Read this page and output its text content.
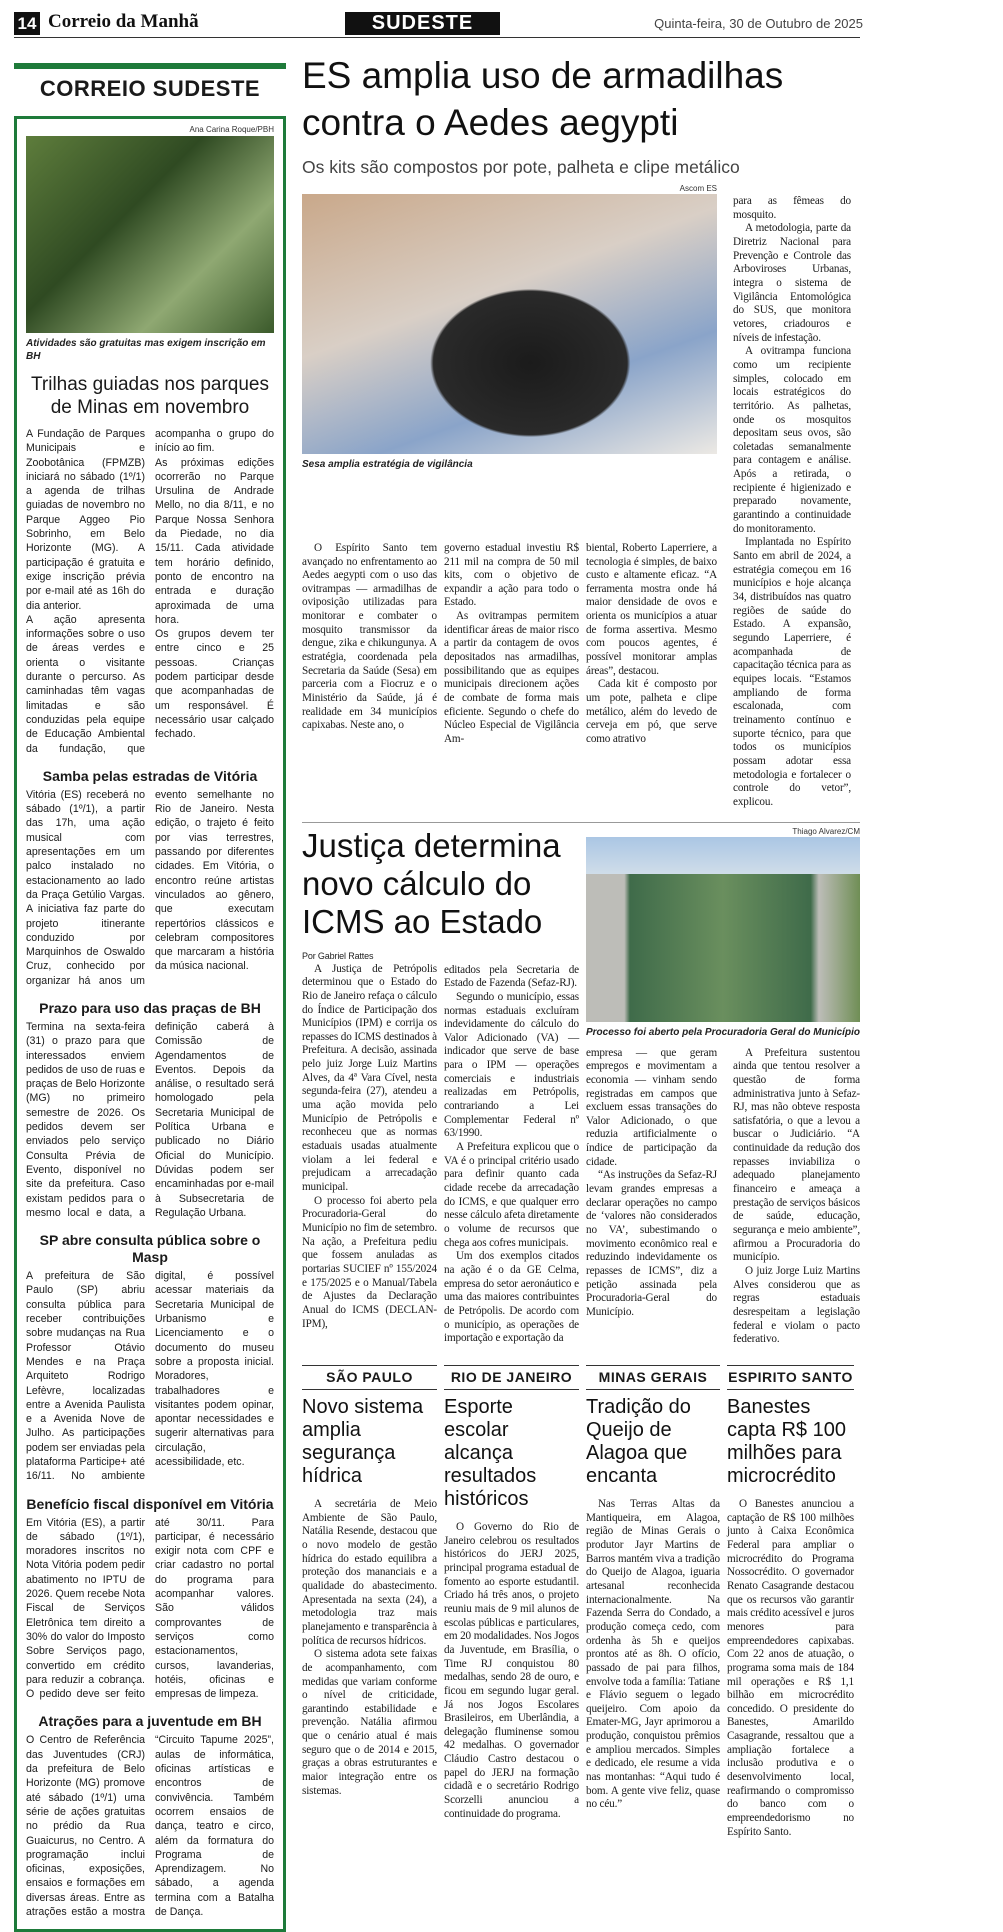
14 Correio da Manhã	SUDESTE	Quinta-feira, 30 de Outubro de 2025
CORREIO SUDESTE
Ana Carina Roque/PBH
Atividades são gratuitas mas exigem inscrição em BH
Trilhas guiadas nos parques de Minas em novembro

A Fundação de Parques Municipais e Zoobotânica (FPMZB) iniciará no sábado (1º/1) a agenda de trilhas guiadas de novembro no Parque Aggeo Pio Sobrinho, em Belo Horizonte (MG). A participação é gratuita e exige inscrição prévia por e-mail até as 16h do dia anterior.

A ação apresenta informações sobre o uso de áreas verdes e orienta o visitante durante o percurso. As caminhadas têm vagas limitadas e são conduzidas pela equipe de Educação Ambiental da fundação, que acompanha o grupo do início ao fim.

As próximas edições ocorrerão no Parque Ursulina de Andrade Mello, no dia 8/11, e no Parque Nossa Senhora da Piedade, no dia 15/11. Cada atividade tem horário definido, ponto de encontro na entrada e duração aproximada de uma hora.

Os grupos devem ter entre cinco e 25 pessoas. Crianças podem participar desde que acompanhadas de um responsável. É necessário usar calçado fechado.

Samba pelas estradas de Vitória

Vitória (ES) receberá no sábado (1º/1), a partir das 17h, uma ação musical com apresentações em um palco instalado no estacionamento ao lado da Praça Getúlio Vargas. A iniciativa faz parte do projeto itinerante conduzido por Marquinhos de Oswaldo Cruz, conhecido por organizar há anos um evento semelhante no Rio de Janeiro. Nesta edição, o trajeto é feito por vias terrestres, passando por diferentes cidades. Em Vitória, o encontro reúne artistas vinculados ao gênero, que executam repertórios clássicos e celebram compositores que marcaram a história da música nacional.

Prazo para uso das praças de BH

Termina na sexta-feira (31) o prazo para que interessados enviem pedidos de uso de ruas e praças de Belo Horizonte (MG) no primeiro semestre de 2026. Os pedidos devem ser enviados pelo serviço Consulta Prévia de Evento, disponível no site da prefeitura. Caso existam pedidos para o mesmo local e data, a definição caberá à Comissão de Agendamentos de Eventos. Depois da análise, o resultado será homologado pela Secretaria Municipal de Política Urbana e publicado no Diário Oficial do Município. Dúvidas podem ser encaminhadas por e-mail à Subsecretaria de Regulação Urbana.

SP abre consulta pública sobre o Masp

A prefeitura de São Paulo (SP) abriu consulta pública para receber contribuições sobre mudanças na Rua Professor Otávio Mendes e na Praça Arquiteto Rodrigo Lefèvre, localizadas entre a Avenida Paulista e a Avenida Nove de Julho. As participações podem ser enviadas pela plataforma Participe+ até 16/11. No ambiente digital, é possível acessar materiais da Secretaria Municipal de Urbanismo e Licenciamento e o documento do museu sobre a proposta inicial. Moradores, trabalhadores e visitantes podem opinar, apontar necessidades e sugerir alternativas para circulação, acessibilidade, etc.

Benefício fiscal disponível em Vitória

Em Vitória (ES), a partir de sábado (1º/1), moradores inscritos no Nota Vitória podem pedir abatimento no IPTU de 2026. Quem recebe Nota Fiscal de Serviços Eletrônica tem direito a 30% do valor do Imposto Sobre Serviços pago, convertido em crédito para reduzir a cobrança. O pedido deve ser feito até 30/11. Para participar, é necessário exigir nota com CPF e criar cadastro no portal do programa para acompanhar valores. São válidos comprovantes de serviços como estacionamentos, cursos, lavanderias, hotéis, oficinas e empresas de limpeza.

Atrações para a juventude em BH

O Centro de Referência das Juventudes (CRJ) da prefeitura de Belo Horizonte (MG) promove até sábado (1º/1) uma série de ações gratuitas no prédio da Rua Guaicurus, no Centro. A programação inclui oficinas, exposições, ensaios e formações em diversas áreas. Entre as atrações estão a mostra “Circuito Tapume 2025”, aulas de informática, oficinas artísticas e encontros de convivência. Também ocorrem ensaios de dança, teatro e circo, além da formatura do Programa de Aprendizagem. No sábado, a agenda termina com a Batalha de Dança.

ES amplia uso de armadilhas contra o Aedes aegypti
Os kits são compostos por pote, palheta e clipe metálico
Ascom ES
Sesa amplia estratégia de vigilância

O Espírito Santo tem avançado no enfrentamento ao Aedes aegypti com o uso das ovitrampas — armadilhas de oviposição utilizadas para monitorar e combater o mosquito transmissor da dengue, zika e chikungunya. A estratégia, coordenada pela Secretaria da Saúde (Sesa) em parceria com a Fiocruz e o Ministério da Saúde, já é realidade em 34 municípios capixabas. Neste ano, o

governo estadual investiu R$ 211 mil na compra de 50 mil kits, com o objetivo de expandir a ação para todo o Estado.

As ovitrampas permitem identificar áreas de maior risco a partir da contagem de ovos depositados nas armadilhas, possibilitando que as equipes municipais direcionem ações de combate de forma mais eficiente. Segundo o chefe do Núcleo Especial de Vigilância Am-

biental, Roberto Laperriere, a tecnologia é simples, de baixo custo e altamente eficaz. “A ferramenta mostra onde há maior densidade de ovos e orienta os municípios a atuar de forma assertiva. Mesmo com poucos agentes, é possível monitorar amplas áreas”, destacou.

Cada kit é composto por um pote, palheta e clipe metálico, além do levedo de cerveja em pó, que serve como atrativo

para as fêmeas do mosquito.

A metodologia, parte da Diretriz Nacional para Prevenção e Controle das Arboviroses Urbanas, integra o sistema de Vigilância Entomológica do SUS, que monitora vetores, criadouros e níveis de infestação.

A ovitrampa funciona como um recipiente simples, colocado em locais estratégicos do território. As palhetas, onde os mosquitos depositam seus ovos, são coletadas semanalmente para contagem e análise. Após a retirada, o recipiente é higienizado e preparado novamente, garantindo a continuidade do monitoramento.

Implantada no Espírito Santo em abril de 2024, a estratégia começou em 16 municípios e hoje alcança 34, distribuídos nas quatro regiões de saúde do Estado. A expansão, segundo Laperriere, é acompanhada de capacitação técnica para as equipes locais. “Estamos ampliando de forma escalonada, com treinamento contínuo e suporte técnico, para que todos os municípios possam adotar essa metodologia e fortalecer o controle do vetor”, explicou.

Justiça determina novo cálculo do ICMS ao Estado
Por Gabriel Rattes

A Justiça de Petrópolis determinou que o Estado do Rio de Janeiro refaça o cálculo do Índice de Participação dos Municípios (IPM) e corrija os repasses do ICMS destinados à Prefeitura. A decisão, assinada pelo juiz Jorge Luiz Martins Alves, da 4ª Vara Cível, nesta segunda-feira (27), atendeu a uma ação movida pelo Município de Petrópolis e reconheceu que as normas estaduais usadas atualmente violam a lei federal e prejudicam a arrecadação municipal.

O processo foi aberto pela Procuradoria-Geral do Município no fim de setembro. Na ação, a Prefeitura pediu que fossem anuladas as portarias SUCIEF nº 155/2024 e 175/2025 e o Manual/Tabela de Ajustes da Declaração Anual do ICMS (DECLAN-IPM),

editados pela Secretaria de Estado de Fazenda (Sefaz-RJ).

Segundo o município, essas normas estaduais excluíram indevidamente do cálculo do Valor Adicionado (VA) — indicador que serve de base para o IPM — operações comerciais e industriais realizadas em Petrópolis, contrariando a Lei Complementar Federal nº 63/1990.

A Prefeitura explicou que o VA é o principal critério usado para definir quanto cada cidade recebe da arrecadação do ICMS, e que qualquer erro nesse cálculo afeta diretamente o volume de recursos que chega aos cofres municipais.

Um dos exemplos citados na ação é o da GE Celma, empresa do setor aeronáutico e uma das maiores contribuintes de Petrópolis. De acordo com o município, as operações de importação e exportação da

Thiago Alvarez/CM
Processo foi aberto pela Procuradoria Geral do Município

empresa — que geram empregos e movimentam a economia — vinham sendo registradas em campos que excluem essas transações do Valor Adicionado, o que reduzia artificialmente o índice de participação da cidade.

“As instruções da Sefaz-RJ levam grandes empresas a declarar operações no campo de ‘valores não considerados no VA’, subestimando o movimento econômico real e reduzindo indevidamente os repasses de ICMS”, diz a petição assinada pela Procuradoria-Geral do Município.

A Prefeitura sustentou ainda que tentou resolver a questão de forma administrativa junto à Sefaz-RJ, mas não obteve resposta satisfatória, o que a levou a buscar o Judiciário. “A continuidade da redução dos repasses inviabiliza o adequado planejamento financeiro e ameaça a prestação de serviços básicos de saúde, educação, segurança e meio ambiente”, afirmou a Procuradoria do município.

O juiz Jorge Luiz Martins Alves considerou que as regras estaduais desrespeitam a legislação federal e violam o pacto federativo.

SÃO PAULO
Novo sistema amplia segurança hídrica

A secretária de Meio Ambiente de São Paulo, Natália Resende, destacou que o novo modelo de gestão hídrica do estado equilibra a proteção dos mananciais e a qualidade do abastecimento. Apresentada na sexta (24), a metodologia traz mais planejamento e transparência à política de recursos hídricos.

O sistema adota sete faixas de acompanhamento, com medidas que variam conforme o nível de criticidade, garantindo estabilidade e prevenção. Natália afirmou que o cenário atual é mais seguro que o de 2014 e 2015, graças a obras estruturantes e maior integração entre os sistemas.

RIO DE JANEIRO
Esporte escolar alcança resultados históricos

O Governo do Rio de Janeiro celebrou os resultados históricos do JERJ 2025, principal programa estadual de fomento ao esporte estudantil. Criado há três anos, o projeto reuniu mais de 9 mil alunos de escolas públicas e particulares, em 20 modalidades. Nos Jogos da Juventude, em Brasília, o Time RJ conquistou 80 medalhas, sendo 28 de ouro, e ficou em segundo lugar geral. Já nos Jogos Escolares Brasileiros, em Uberlândia, a delegação fluminense somou 42 medalhas. O governador Cláudio Castro destacou o papel do JERJ na formação cidadã e o secretário Rodrigo Scorzelli anunciou a continuidade do programa.

MINAS GERAIS
Tradição do Queijo de Alagoa que encanta

Nas Terras Altas da Mantiqueira, em Alagoa, região de Minas Gerais o produtor Jayr Martins de Barros mantém viva a tradição do Queijo de Alagoa, iguaria artesanal reconhecida internacionalmente. Na Fazenda Serra do Condado, a produção começa cedo, com ordenha às 5h e queijos prontos até as 8h. O ofício, passado de pai para filhos, envolve toda a família: Tatiane e Flávio seguem o legado queijeiro. Com apoio da Emater-MG, Jayr aprimorou a produção, conquistou prêmios e ampliou mercados. Simples e dedicado, ele resume a vida nas montanhas: “Aqui tudo é bom. A gente vive feliz, quase no céu.”

ESPIRITO SANTO
Banestes capta R$ 100 milhões para microcrédito

O Banestes anunciou a captação de R$ 100 milhões junto à Caixa Econômica Federal para ampliar o microcrédito do Programa Nossocrédito. O governador Renato Casagrande destacou que os recursos vão garantir mais crédito acessível e juros menores para empreendedores capixabas. Com 22 anos de atuação, o programa soma mais de 184 mil operações e R$ 1,1 bilhão em microcrédito concedido. O presidente do Banestes, Amarildo Casagrande, ressaltou que a ampliação fortalece a inclusão produtiva e o desenvolvimento local, reafirmando o compromisso do banco com o empreendedorismo no Espírito Santo.
